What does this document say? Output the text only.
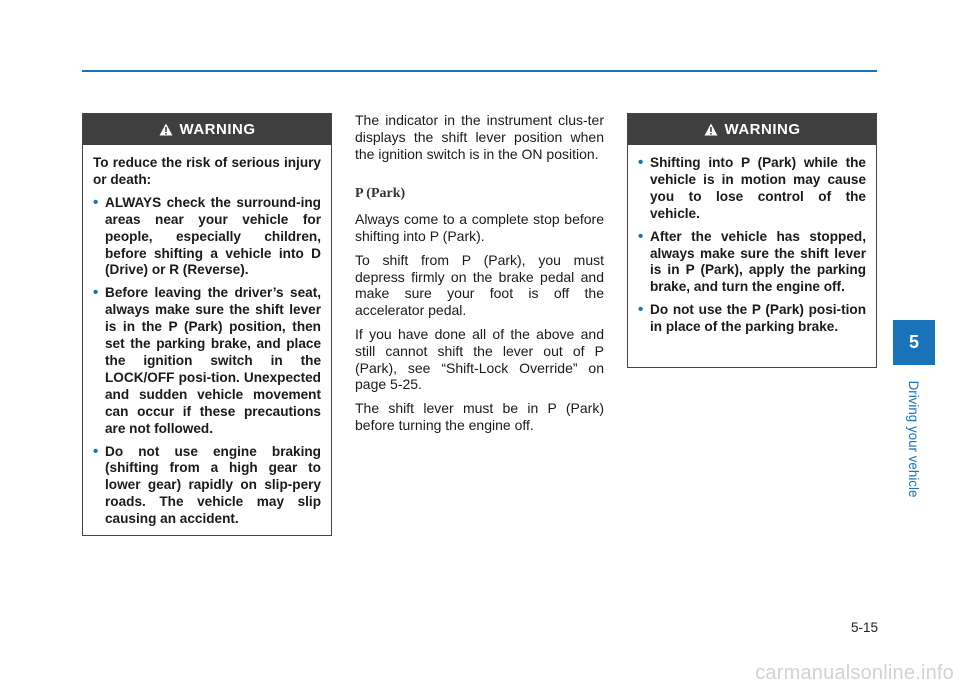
WARNING

To reduce the risk of serious injury or death:

• ALWAYS check the surround-ing areas near your vehicle for people, especially children, before shifting a vehicle into D (Drive) or R (Reverse).
• Before leaving the driver’s seat, always make sure the shift lever is in the P (Park) position, then set the parking brake, and place the ignition switch in the LOCK/OFF posi-tion. Unexpected and sudden vehicle movement can occur if these precautions are not followed.
• Do not use engine braking (shifting from a high gear to lower gear) rapidly on slip-pery roads. The vehicle may slip causing an accident.

The indicator in the instrument clus-ter displays the shift lever position when the ignition switch is in the ON position.

P (Park)

Always come to a complete stop before shifting into P (Park).

To shift from P (Park), you must depress firmly on the brake pedal and make sure your foot is off the accelerator pedal.

If you have done all of the above and still cannot shift the lever out of P (Park), see “Shift-Lock Override” on page 5-25.

The shift lever must be in P (Park) before turning the engine off.

WARNING
• Shifting into P (Park) while the vehicle is in motion may cause you to lose control of the vehicle.
• After the vehicle has stopped, always make sure the shift lever is in P (Park), apply the parking brake, and turn the engine off.
• Do not use the P (Park) posi-tion in place of the parking brake.
5
Driving your vehicle
5-15
carmanualsonline.info
